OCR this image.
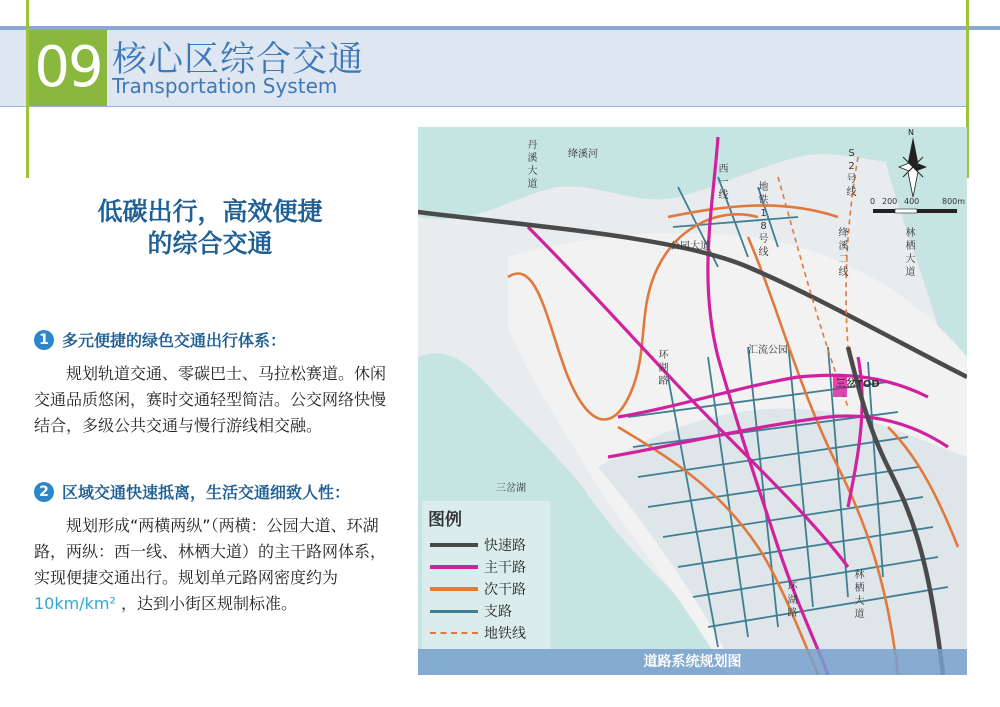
09 核心区综合交通
Transportation System
低碳出行，高效便捷
的综合交通
1 多元便捷的绿色交通出行体系：
规划轨道交通、零碳巴士、马拉松赛道。休闲交通品质悠闲，赛时交通轻型简洁。公交网络快慢结合，多级公共交通与慢行游线相交融。
2 区域交通快速抵离，生活交通细致人性：
规划形成“两横两纵”（两横：公园大道、环湖路，两纵：西一线、林栖大道）的主干路网体系，实现便捷交通出行。规划单元路网密度约为 10km/km² ，达到小街区规制标准。
N
0 200 400	800m
丹溪大道
绛溪河
西一线
地铁18号线
S2号线
绛溪二线
林栖大道
公园大道
汇流公园
三岔TOD
环湖路
三岔湖
环湖路
林栖大道
图例
快速路
主干路
次干路
支路
地铁线
道路系统规划图
